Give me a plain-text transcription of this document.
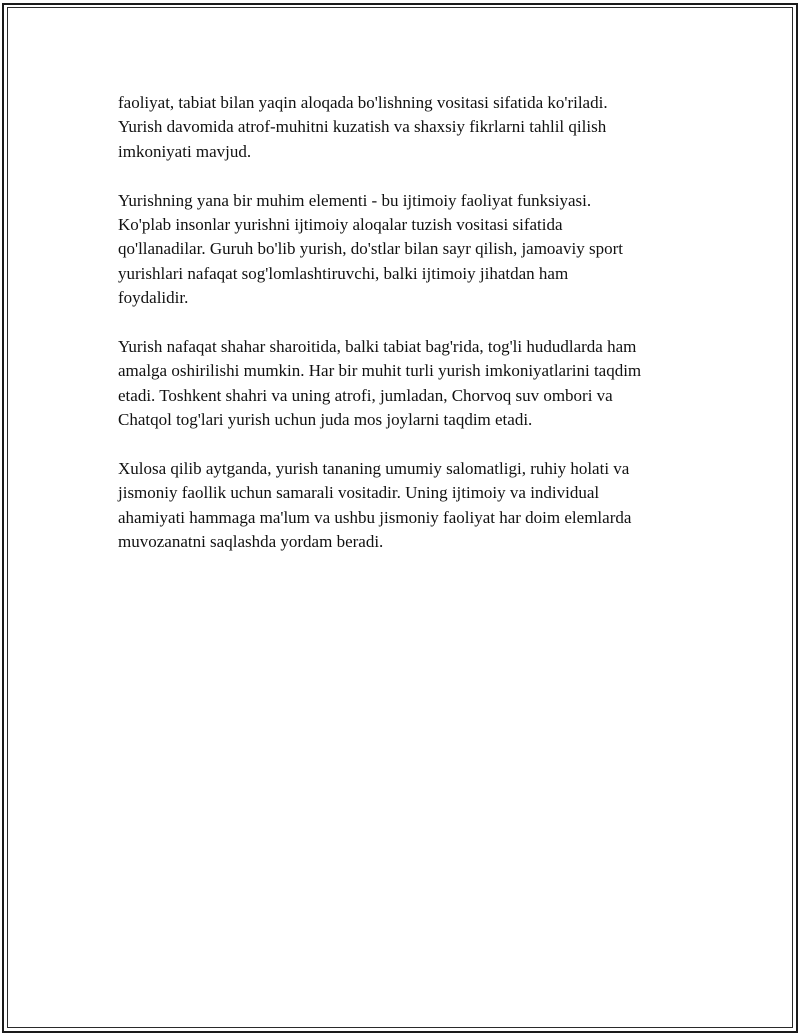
faoliyat, tabiat bilan yaqin aloqada bo'lishning vositasi sifatida ko'riladi.
Yurish davomida atrof-muhitni kuzatish va shaxsiy fikrlarni tahlil qilish
imkoniyati mavjud.

Yurishning yana bir muhim elementi - bu ijtimoiy faoliyat funksiyasi.
Ko'plab insonlar yurishni ijtimoiy aloqalar tuzish vositasi sifatida
qo'llanadilar. Guruh bo'lib yurish, do'stlar bilan sayr qilish, jamoaviy sport
yurishlari nafaqat sog'lomlashtiruvchi, balki ijtimoiy jihatdan ham
foydalidir.

Yurish nafaqat shahar sharoitida, balki tabiat bag'rida, tog'li hududlarda ham
amalga oshirilishi mumkin. Har bir muhit turli yurish imkoniyatlarini taqdim
etadi. Toshkent shahri va uning atrofi, jumladan, Chorvoq suv ombori va
Chatqol tog'lari yurish uchun juda mos joylarni taqdim etadi.

Xulosa qilib aytganda, yurish tananing umumiy salomatligi, ruhiy holati va
jismoniy faollik uchun samarali vositadir. Uning ijtimoiy va individual
ahamiyati hammaga ma'lum va ushbu jismoniy faoliyat har doim elemlarda
muvozanatni saqlashda yordam beradi.
